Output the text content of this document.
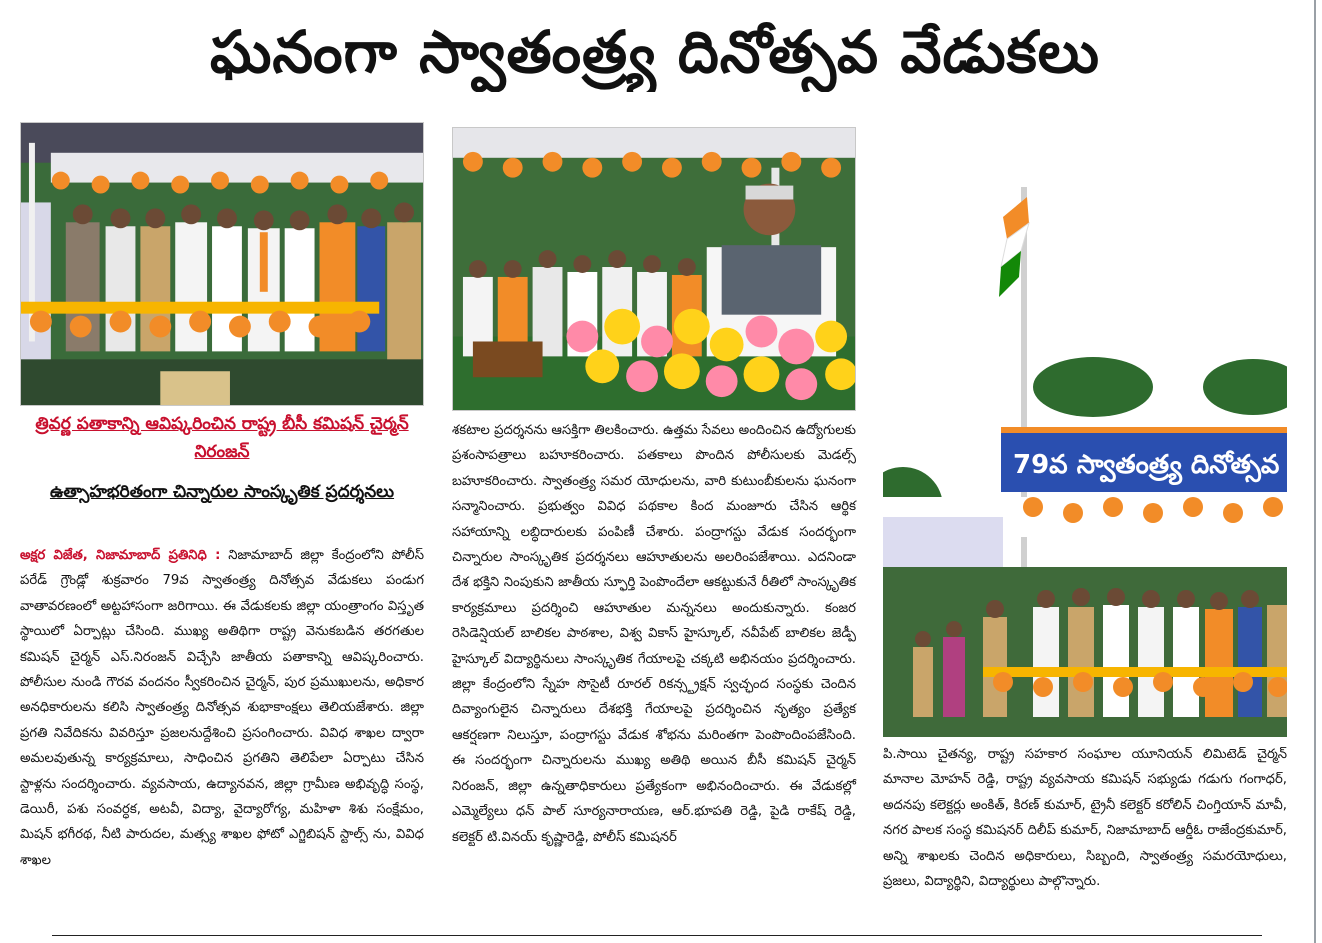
ఘనంగా స్వాతంత్ర్య దినోత్సవ వేడుకలు
79వ స్వాతంత్ర్య దినోత్సవ
త్రివర్ణ పతాకాన్ని ఆవిష్కరించిన రాష్ట్ర బీసీ కమిషన్ చైర్మన్ నిరంజన్
ఉత్సాహభరితంగా చిన్నారుల సాంస్కృతిక ప్రదర్శనలు
అక్షర విజేత, నిజామాబాద్ ప్రతినిధి : నిజామాబాద్ జిల్లా కేంద్రంలోని పోలీస్ పరేడ్ గ్రౌండ్లో శుక్రవారం 79వ స్వాతంత్ర్య దినోత్సవ వేడుకలు పండుగ వాతావరణంలో అట్టహాసంగా జరిగాయి. ఈ వేడుకలకు జిల్లా యంత్రాంగం విస్తృత స్థాయిలో ఏర్పాట్లు చేసింది. ముఖ్య అతిథిగా రాష్ట్ర వెనుకబడిన తరగతుల కమిషన్ చైర్మన్ ఎస్.నిరంజన్ విచ్చేసి జాతీయ పతాకాన్ని ఆవిష్కరించారు. పోలీసుల నుండి గౌరవ వందనం స్వీకరించిన చైర్మన్, పుర ప్రముఖులను, అధికార అనధికారులను కలిసి స్వాతంత్ర్య దినోత్సవ శుభాకాంక్షలు తెలియజేశారు. జిల్లా ప్రగతి నివేదికను వివరిస్తూ ప్రజలనుద్దేశించి ప్రసంగించారు. వివిధ శాఖల ద్వారా అమలవుతున్న కార్యక్రమాలు, సాధించిన ప్రగతిని తెలిపేలా ఏర్పాటు చేసిన స్టాళ్లను సందర్శించారు. వ్యవసాయ, ఉద్యానవన, జిల్లా గ్రామీణ అభివృద్ధి సంస్థ, డెయిరీ, పశు సంవర్ధక, అటవీ, విద్యా, వైద్యారోగ్య, మహిళా శిశు సంక్షేమం, మిషన్ భగీరథ, నీటి పారుదల, మత్స్య శాఖల ఫోటో ఎగ్జిబిషన్ స్టాల్స్ ను, వివిధ శాఖల
శకటాల ప్రదర్శనను ఆసక్తిగా తిలకించారు. ఉత్తమ సేవలు అందించిన ఉద్యోగులకు ప్రశంసాపత్రాలు బహూకరించారు. పతకాలు పొందిన పోలీసులకు మెడల్స్ బహూకరించారు. స్వాతంత్ర్య సమర యోధులను, వారి కుటుంబీకులను ఘనంగా సన్మానించారు. ప్రభుత్వం వివిధ పథకాల కింద మంజూరు చేసిన ఆర్థిక సహాయాన్ని లబ్ధిదారులకు పంపిణీ చేశారు. పంద్రాగస్టు వేడుక సందర్భంగా చిన్నారుల సాంస్కృతిక ప్రదర్శనలు ఆహూతులను అలరింపజేశాయి. ఎదనిండా దేశ భక్తిని నింపుకుని జాతీయ స్ఫూర్తి పెంపొందేలా ఆకట్టుకునే రీతిలో సాంస్కృతిక కార్యక్రమాలు ప్రదర్శించి ఆహూతుల మన్ననలు అందుకున్నారు. కంజర రెసిడెన్షియల్ బాలికల పాఠశాల, విశ్వ వికాస్ హైస్కూల్, నవీపేట్ బాలికల జెడ్పీ హైస్కూల్ విద్యార్థినులు సాంస్కృతిక గేయాలపై చక్కటి అభినయం ప్రదర్శించారు. జిల్లా కేంద్రంలోని స్నేహ సొసైటీ రూరల్ రికన్స్ట్రక్షన్ స్వచ్ఛంద సంస్థకు చెందిన దివ్యాంగులైన చిన్నారులు దేశభక్తి గేయాలపై ప్రదర్శించిన నృత్యం ప్రత్యేక ఆకర్షణగా నిలుస్తూ, పంద్రాగస్టు వేడుక శోభను మరింతగా పెంపొందింపజేసింది. ఈ సందర్భంగా చిన్నారులను ముఖ్య అతిథి అయిన బీసీ కమిషన్ చైర్మన్ నిరంజన్, జిల్లా ఉన్నతాధికారులు ప్రత్యేకంగా అభినందించారు. ఈ వేడుకల్లో ఎమ్మెల్యేలు ధన్ పాల్ సూర్యనారాయణ, ఆర్.భూపతి రెడ్డి, పైడి రాకేష్ రెడ్డి, కలెక్టర్ టి.వినయ్ కృష్ణారెడ్డి, పోలీస్ కమిషనర్
పి.సాయి చైతన్య, రాష్ట్ర సహకార సంఘాల యూనియన్ లిమిటెడ్ చైర్మన్ మానాల మోహన్ రెడ్డి, రాష్ట్ర వ్యవసాయ కమిషన్ సభ్యుడు గడుగు గంగాధర్, అదనపు కలెక్టర్లు అంకిత్, కిరణ్ కుమార్, ట్రైనీ కలెక్టర్ కరోలిన్ చింగ్తియాన్ మావీ, నగర పాలక సంస్థ కమిషనర్ దిలీప్ కుమార్, నిజామాబాద్ ఆర్డీఓ రాజేంద్రకుమార్, అన్ని శాఖలకు చెందిన అధికారులు, సిబ్బంది, స్వాతంత్ర్య సమరయోధులు, ప్రజలు, విద్యార్థిని, విద్యార్థులు పాల్గొన్నారు.
